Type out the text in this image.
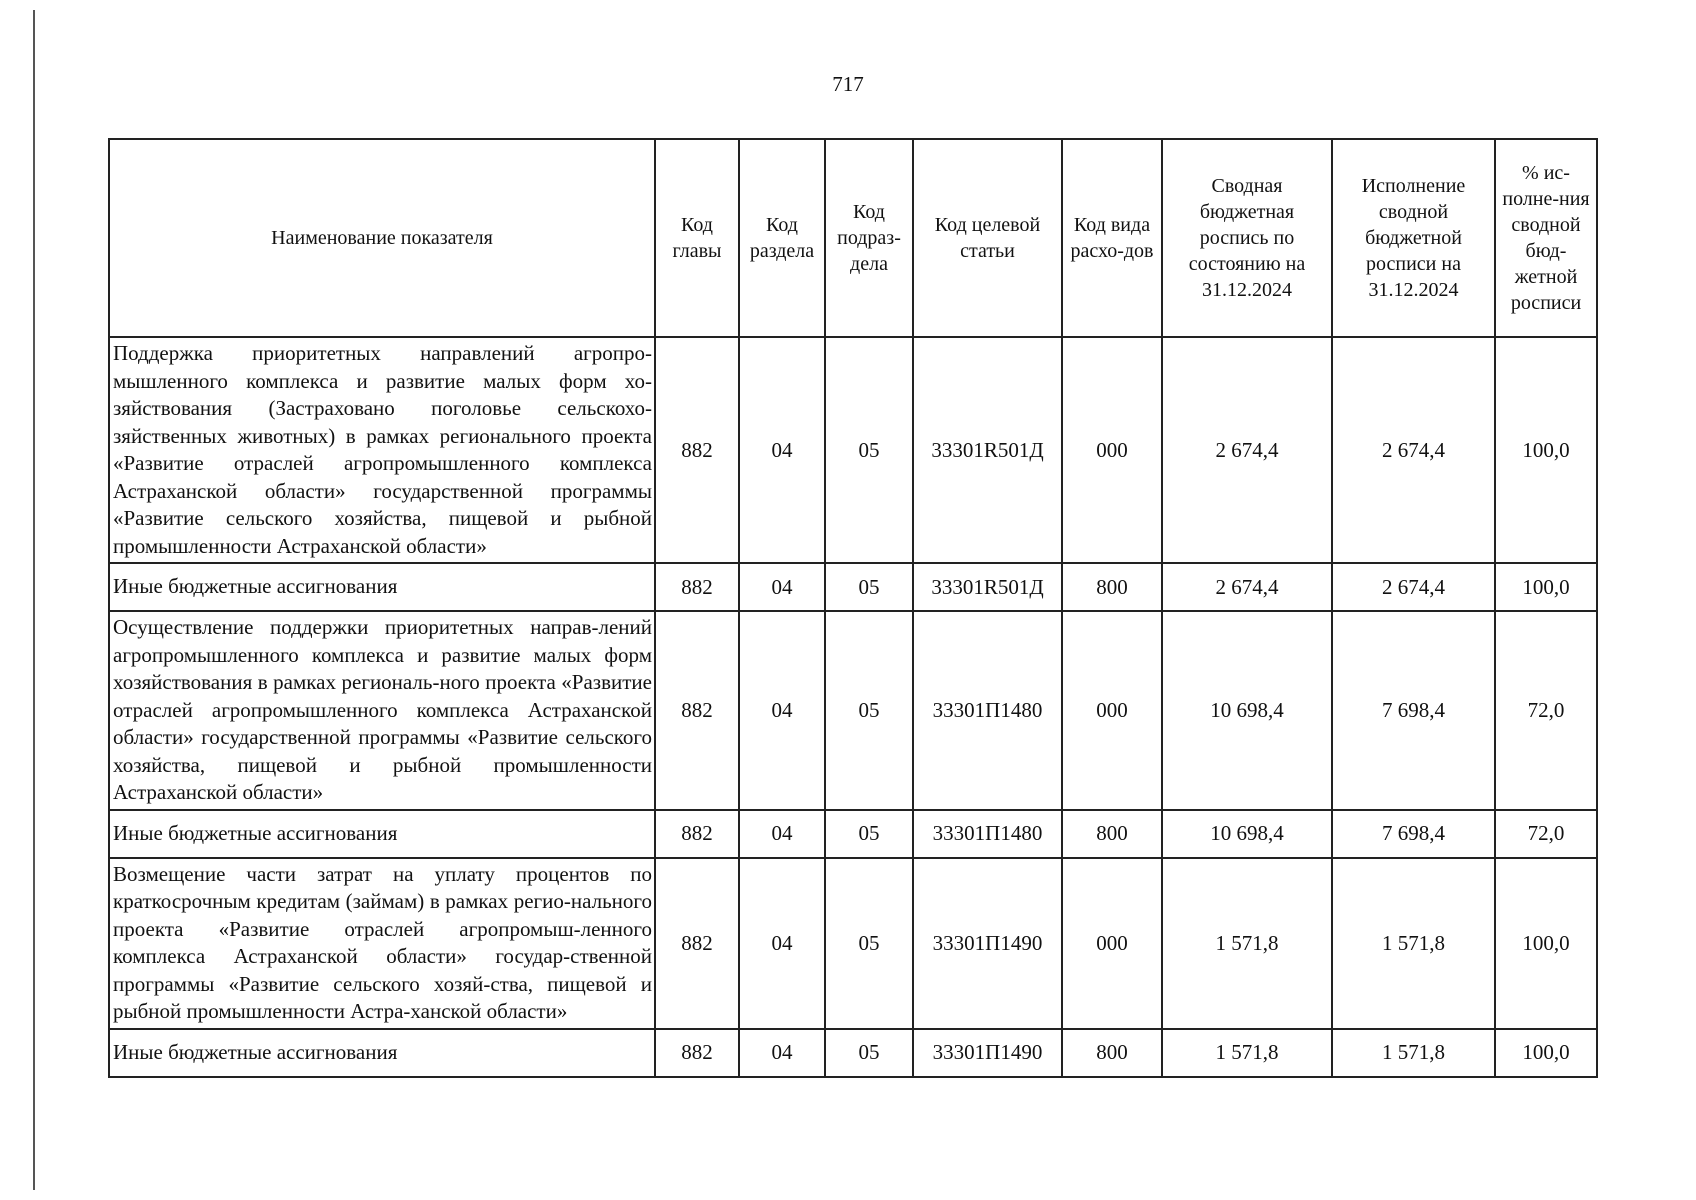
717
Наименование показателя	Код главы	Код раздела	Код подраз-дела	Код целевой статьи	Код вида расхо-дов	Сводная бюджетная роспись по состоянию на 31.12.2024	Исполнение сводной бюджетной росписи на 31.12.2024	% ис-полне-ния сводной бюд-жетной росписи
Поддержка приоритетных направлений агропро-мышленного комплекса и развитие малых форм хо-зяйствования (Застраховано поголовье сельскохо-зяйственных животных) в рамках регионального проекта «Развитие отраслей агропромышленного комплекса Астраханской области» государственной программы «Развитие сельского хозяйства, пищевой и рыбной промышленности Астраханской области»	882	04	05	33301R501Д	000	2 674,4	2 674,4	100,0
Иные бюджетные ассигнования	882	04	05	33301R501Д	800	2 674,4	2 674,4	100,0
Осуществление поддержки приоритетных направ-лений агропромышленного комплекса и развитие малых форм хозяйствования в рамках региональ-ного проекта «Развитие отраслей агропромышленного комплекса Астраханской области» государственной программы «Развитие сельского хозяйства, пищевой и рыбной промышленности Астраханской области»	882	04	05	33301П1480	000	10 698,4	7 698,4	72,0
Иные бюджетные ассигнования	882	04	05	33301П1480	800	10 698,4	7 698,4	72,0
Возмещение части затрат на уплату процентов по краткосрочным кредитам (займам) в рамках регио-нального проекта «Развитие отраслей агропромыш-ленного комплекса Астраханской области» государ-ственной программы «Развитие сельского хозяй-ства, пищевой и рыбной промышленности Астра-ханской области»	882	04	05	33301П1490	000	1 571,8	1 571,8	100,0
Иные бюджетные ассигнования	882	04	05	33301П1490	800	1 571,8	1 571,8	100,0
